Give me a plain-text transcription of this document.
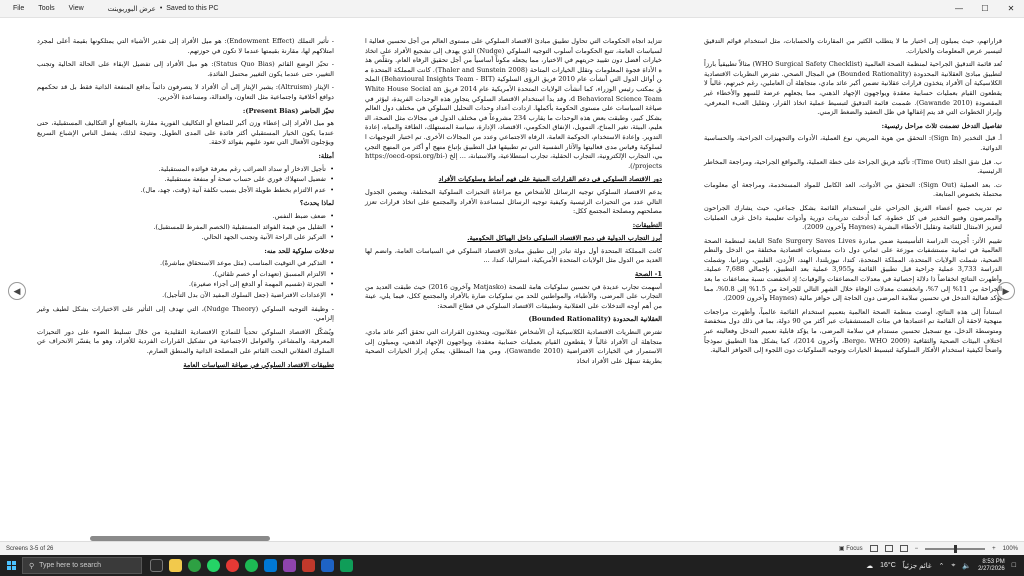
File Tools View	عرض البوربوينت • Saved to this PC	—	☐	✕
◀	▶

قراراتهم، حيث يميلون إلى اختيار ما لا يتطلب الكثير من المقارنات والحسابات، مثل استخدام قوائم التدقيق لتيسير عرض المعلومات والخيارات.

تُعد قائمة التدقيق الجراحية لمنظمة الصحة العالمية (WHO Surgical Safety Checklist) مثالاً تطبيقياً بارزاً لتطبيق مبادئ العقلانية المحدودة (Bounded Rationality) في المجال الصحي. تفترض النظريات الاقتصادية الكلاسيكية أن الأفراد يتخذون قرارات عقلانية تضمن أكبر عائد مادي، متجاهلة أن العاملين، رغم خبرتهم، غالباً لا يقطعون القيام بعمليات حسابية معقدة ويواجهون الإجهاد الذهني، مما يجعلهم عرضة للسهو والأخطاء غير المقصودة (Gawande 2010). صُممت قائمة التدقيق لتبسيط عملية اتخاذ القرار، وتقليل العبء المعرفي، وإبراز الخطوات التي قد يتم إغفالها في ظل التعقيد والضغط الزمني.

تفاصيل التدخل تضمنت ثلاث مراحل رئيسية:

أ. قبل التخدير (Sign In): التحقق من هوية المريض، نوع العملية، الأدوات والتجهيزات الجراحية، والحساسية الدوائية.

ب. قبل شق الجلد (Time Out): تأكيد فريق الجراحة على خطة العملية، والمواقع الجراحية، ومراجعة المخاطر الرئيسية.

ت. بعد العملية (Sign Out): التحقق من الأدوات، العد الكامل للمواد المستخدمة، ومراجعة أي معلومات محتملة بخصوص المتابعة.

تم تدريب جميع أعضاء الفريق الجراحي على استخدام القائمة بشكل جماعي، حيث يشارك الجراحون والممرضون وفنيو التخدير في كل خطوة، كما أُدخلت تدريبات دورية وأدوات تعليمية داخل غرف العمليات لتعزيز الامتثال للقائمة وتقليل الأخطاء البشرية (Haynes وآخرون 2009).

تقييم الأثر: أُجريت الدراسة التأسيسية ضمن مبادرة Safe Surgery Saves Lives التابعة لمنظمة الصحة العالمية في ثمانية مستشفيات موزعة على ثماني دول ذات مستويات اقتصادية مختلفة من الدخل والنظم الصحية، شملت الولايات المتحدة، المملكة المتحدة، كندا، نيوزيلندا، الهند، الأردن، الفلبين، وتنزانيا. وشملت الدراسة 3,733 عملية جراحية قبل تطبيق القائمة و3,955 عملية بعد التطبيق، بإجمالي 7,688 عملية. وأظهرت النتائج انخفاضاً ذا دلالة إحصائية في معدلات المضاعفات والوفيات؛ إذ انخفضت نسبة مضاعفات ما بعد الجراحة من 11% إلى 7%، وانخفضت معدلات الوفاة خلال الشهر التالي للجراحة من 1.5% إلى 0.8%، مما يؤكد فعالية التدخل في تحسين سلامة المرضى دون الحاجة إلى حوافز مالية (Haynes وآخرون 2009).

استناداً إلى هذه النتائج، أوصت منظمة الصحة العالمية بتعميم استخدام القائمة عالمياً، وأظهرت مراجعات منهجية لاحقة أن القائمة تم اعتمادها في مئات المستشفيات عبر أكثر من 90 دولة، بما في ذلك دول منخفضة ومتوسطة الدخل، مع تسجيل تحسين مستدام في سلامة المرضى، ما يؤكد قابلية تعميم التدخل وفعاليته عبر اختلاف البيئات الصحية والثقافية (Berge، WHO 2009، وآخرون 2014)، كما يشكل هذا التطبيق نموذجاً واضحاً لكيفية استخدام الأفكار السلوكية لتبسيط الخيارات وتوجيه السلوكيات دون اللجوء إلى الحوافز المالية.

تتزايد اتجاه الحكومات التي تحاول تطبيق مبادئ الاقتصاد السلوكي على مستوى العالم من أجل تحسين فعالية السياسات العامة، تتبع الحكومات أسلوب التوجيه السلوكي (Nudge) الذي يهدف إلى تشجيع الأفراد على اتخاذ خيارات أفضل دون تقييد حريتهم في الاختيار، مما يجعله مكوناً أساسياً من أجل تحقيق الرفاه العام. وتقلّص هذه الأداة فجوة المعلومات وتقلل الخيارات المتاحة (Thaler and Sunstein 2008). كانت المملكة المتحدة من أوائل الدول التي أنشأت عام 2010 فريق الرؤى السلوكية (Behavioural Insights Team - BIT) الملحق بمكتب رئيس الوزراء، كما أنشأت الولايات المتحدة الأمريكية عام 2014 فريق White House Social and Behavioral Science Team، وقد بدأ استخدام الاقتصاد السلوكي يتجاوز هذه الوحدات الفريدة، ليؤثر في صياغة السياسات على مستوى الحكومة بأكملها. ازدادت أعداد وحدات التحليل السلوكي في مختلف دول العالم بشكل كبير، وطبقت بعض هذه الوحدات ما يقارب 234 مشروعاً في مختلف الدول في مجالات مثل الصحة، التعليم، البيئة، تغير المناخ، التمويل، الإنفاق الحكومي، الاقتصاد، الإدارة، سياسة المستهلك، الطاقة والمياه، إعادة التدوير. وإعادة الاستخدام، الحوكمة العامة، الرفاه الاجتماعي وعدد من المجالات الأخرى. تم اختبار التوجيهات السلوكية وقياس مدى فعاليتها والآثار النفسية التي تم تطبيقها قبل التطبيق بإتباع منهج أو أكثر من المنهج التجريبي، التجارب الإلكترونية، التجارب الحقلية، تجارب استطلاعية، والاستبانة، ... إلخ (https://oecd-opsi.org/bi-projects/).

دور الاقتصاد السلوكي في دعم القرارات المبنية على فهم أنماط وسلوكيات الأفراد

يدعم الاقتصاد السلوكي توجيه الرسائل للأشخاص مع مراعاة التحيزات السلوكية المختلفة، ويضمن الجدول التالي عدد من التحيزات الرئيسية وكيفية توجيه الرسائل لمساعدة الأفراد والمجتمع على اتخاذ قرارات تعزز مصلحتهم ومصلحة المجتمع ككل:

التطبيقات:
أبرز التجارب الدولية في دمج الاقتصاد السلوكي داخل الهياكل الحكومية.

كانت المملكة المتحدة أول دولة تبادر إلى تطبيق مبادئ الاقتصاد السلوكي في السياسات العامة، وانضم لها العديد من الدول مثل الولايات المتحدة الأمريكية، استراليا، كندا، ...

1- الصحة

أسهمت تجارب عديدة في تحسين سلوكيات هامة للصحة (Matjasko وآخرون 2016) حيث طبقت العديد من التجارب على المرضى، والأطباء، والمواطنين للحد من سلوكيات ضارة بالأفراد والمجتمع ككل، فيما يلي، عينة من أهم أوجه التدخلات على العقلانية وتطبيقات الاقتصاد السلوكي في قطاع الصحة:

العقلانية المحدودة (Bounded Rationality)

تفترض النظريات الاقتصادية الكلاسيكية أن الأشخاص عقلانيون، ويتخذون القرارات التي تحقق أكبر عائد مادي، متجاهلة أن الأفراد غالباً لا يقطعون القيام بعمليات حسابية معقدة، ويواجهون الإجهاد الذهني، ويميلون إلى الاستمرار في الخيارات الافتراضية (Gawande 2010)، ومن هذا المنطلق، يمكن إبراز الخيارات الصحية بطريقة تسهّل على الأفراد اتخاذ

- تأثير التملك (Endowment Effect): هو ميل الأفراد إلى تقدير الأشياء التي يمتلكونها بقيمة أعلى لمجرد امتلاكهم لها، مقارنة بقيمتها عندما لا تكون في حوزتهم.

- تحيّز الوضع القائم (Status Quo Bias): هو ميل الأفراد إلى تفضيل الإبقاء على الحالة الحالية وتجنب التغيير، حتى عندما يكون التغيير محتمل الفائدة.

- الإيثار (Altruism): يشير الإيثار إلى أن الأفراد لا يتصرفون دائماً بدافع المنفعة الذاتية فقط بل قد تحكمهم دوافع أخلاقية واجتماعية مثل التعاون، والعدالة، ومساعدة الآخرين.

تحيّز الحاضر (Present Bias):

هو ميل الأفراد إلى إعطاء وزن أكبر للمنافع أو التكاليف الفورية مقارنة بالمنافع أو التكاليف المستقبلية، حتى عندما يكون الخيار المستقبلي أكثر فائدة على المدى الطويل. ونتيجة لذلك، يفضل الناس الإشباع السريع ويؤجلون الأفعال التي تعود عليهم بفوائد لاحقة.

أمثلة:
• تأجيل الادخار أو سداد الضرائب رغم معرفة فوائده المستقبلية.
• تفضيل استهلاك فوري على حساب صحة أو منفعة مستقبلية.
• عدم الالتزام بخطط طويلة الأجل بسبب تكلفة آنية (وقت، جهد، مال).
لماذا يحدث؟
• ضعف ضبط النفس.
• التقليل من قيمة الفوائد المستقبلية (الخصم المفرط للمستقبل).
• التركيز على الراحة الآنية وتجنب الجهد الحالي.
تدخلات سلوكية للحد منه:
• التذكير في التوقيت المناسب (مثل موعد الاستحقاق مباشرةً).
• الالتزام المسبق (تعهدات أو خصم تلقائي).
• التجزئة (تقسيم المهمة أو الدفع إلى أجزاء صغيرة).
• الإعدادات الافتراضية (جعل السلوك المفيد الآن بدل التأجيل).

- وظيفة التوجيه السلوكي (Nudge Theory)، التي تهدف إلى التأثير على الاختيارات بشكل لطيف وغير إلزامي.

ويُشكّل الاقتصاد السلوكي تحدياً للنماذج الاقتصادية التقليدية من خلال تسليط الضوء على دور التحيزات المعرفية، والمشاعر، والعوامل الاجتماعية في تشكيل القرارات الفردية للأفراد، وهو ما يفسّر الانحراف عن السلوك العقلاني البحت القائم على المصلحة الذاتية والمنطق الصارم.

تطبيقات الاقتصاد السلوكي في صياغة السياسات العامة
Screens 3-5 of 26	▣ Focus	−	+ 100%
⚲ Type here to search	☁ 16°C غائم جزئياً ⌃ ⌖ 🔈
8:53 PM
2/27/2026 □
